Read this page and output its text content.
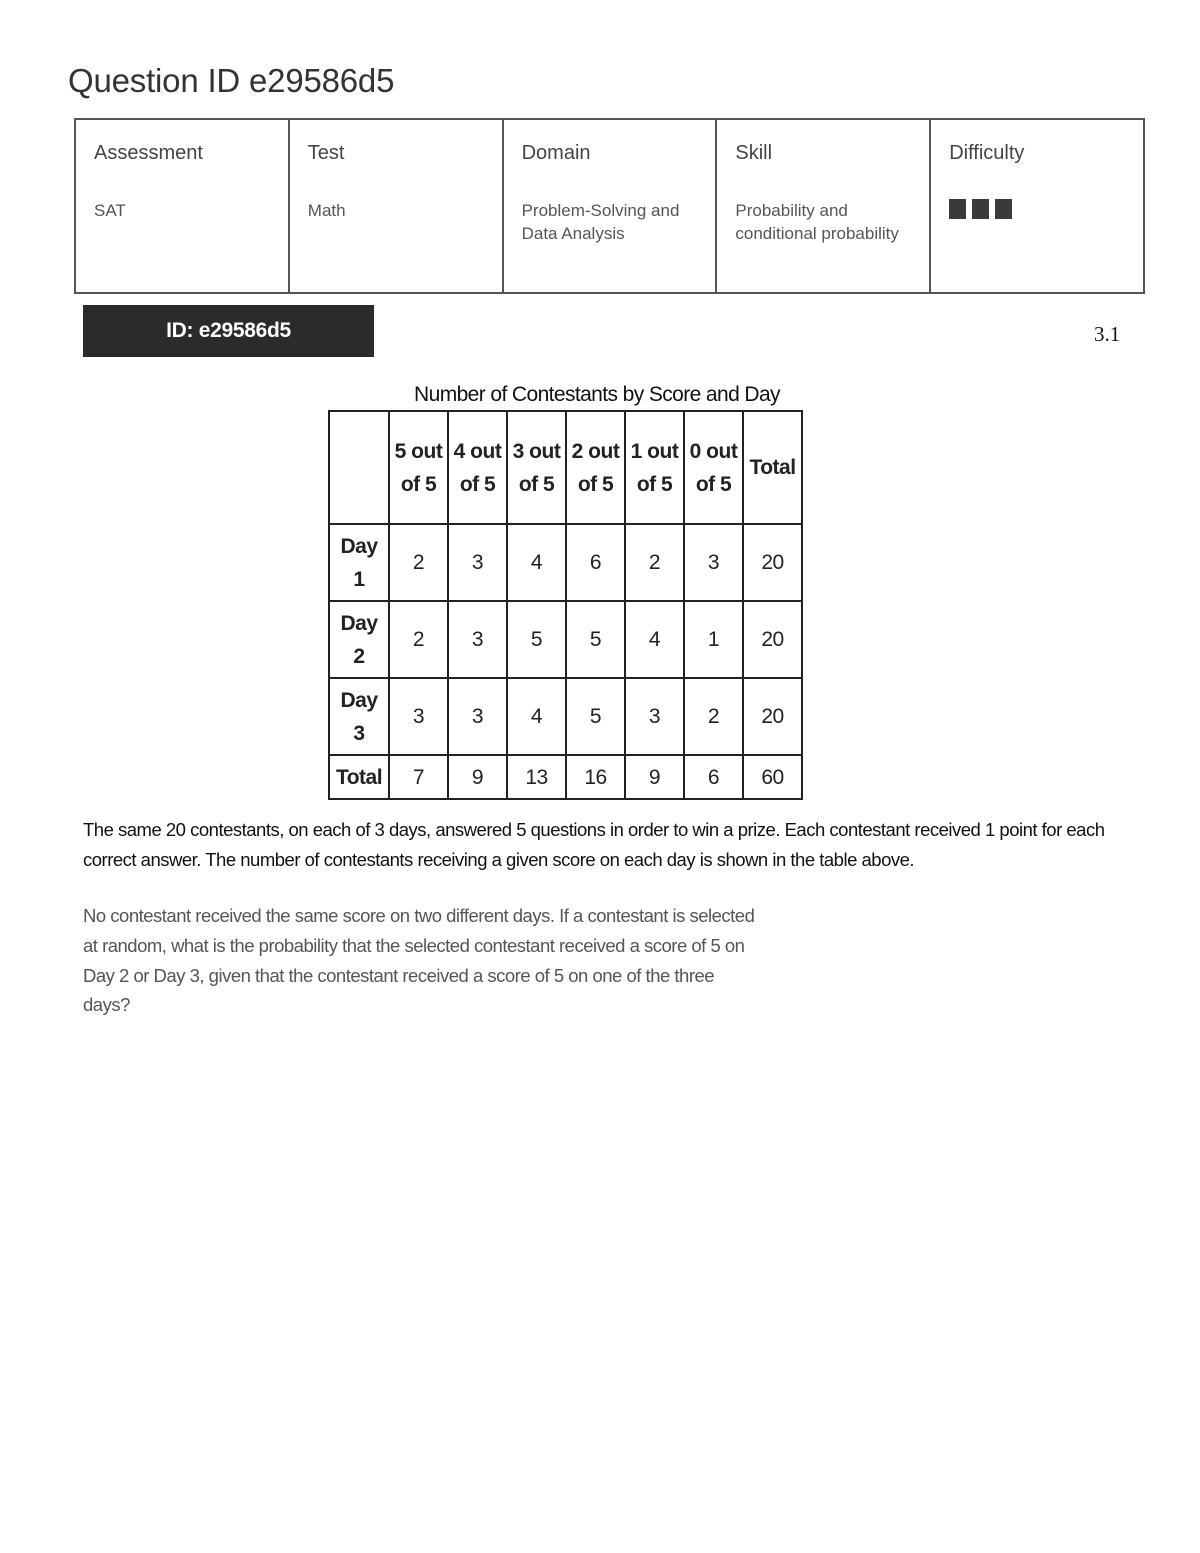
Question ID e29586d5
Assessment
SAT

Test
Math

Domain
Problem-Solving and Data Analysis

Skill
Probability and conditional probability

Difficulty
ID: e29586d5	3.1
Number of Contestants by Score and Day
	5 out of 5	4 out of 5	3 out of 5	2 out of 5	1 out of 5	0 out of 5	Total
Day 1	2	3	4	6	2	3	20
Day 2	2	3	5	5	4	1	20
Day 3	3	3	4	5	3	2	20
Total	7	9	13	16	9	6	60
The same 20 contestants, on each of 3 days, answered 5 questions in order to win a prize. Each contestant received 1 point for each correct answer. The number of contestants receiving a given score on each day is shown in the table above.
No contestant received the same score on two different days. If a contestant is selected at random, what is the probability that the selected contestant received a score of 5 on Day 2 or Day 3, given that the contestant received a score of 5 on one of the three days?
